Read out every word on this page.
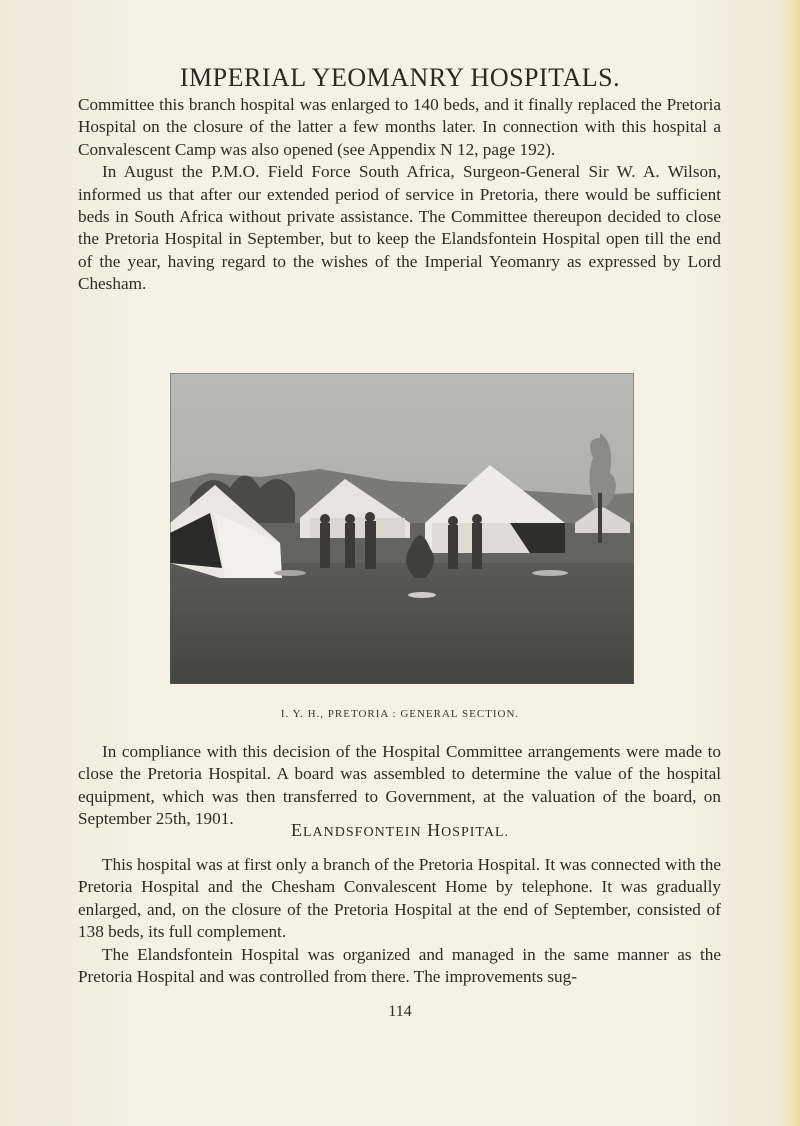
IMPERIAL YEOMANRY HOSPITALS.

Committee this branch hospital was enlarged to 140 beds, and it finally replaced the Pretoria Hospital on the closure of the latter a few months later. In connection with this hospital a Convalescent Camp was also opened (see Appendix N 12, page 192).

In August the P.M.O. Field Force South Africa, Surgeon-General Sir W. A. Wilson, informed us that after our extended period of service in Pretoria, there would be sufficient beds in South Africa without private assistance. The Committee thereupon decided to close the Pretoria Hospital in September, but to keep the Elandsfontein Hospital open till the end of the year, having regard to the wishes of the Imperial Yeomanry as expressed by Lord Chesham.

I. Y. H., PRETORIA : GENERAL SECTION.

In compliance with this decision of the Hospital Committee arrangements were made to close the Pretoria Hospital. A board was assembled to determine the value of the hospital equipment, which was then transferred to Government, at the valuation of the board, on September 25th, 1901.

ELANDSFONTEIN HOSPITAL.

This hospital was at first only a branch of the Pretoria Hospital. It was connected with the Pretoria Hospital and the Chesham Convalescent Home by telephone. It was gradually enlarged, and, on the closure of the Pretoria Hospital at the end of September, consisted of 138 beds, its full complement.

The Elandsfontein Hospital was organized and managed in the same manner as the Pretoria Hospital and was controlled from there. The improvements sug-

114
